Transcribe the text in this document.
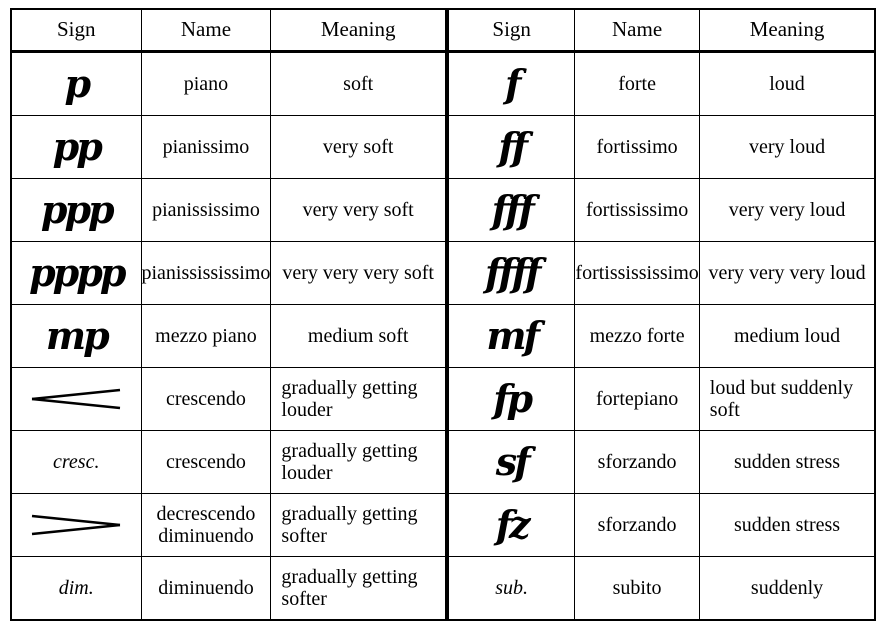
Sign	Name	Meaning	Sign	Name	Meaning
p	piano	soft	f	forte	loud
pp	pianissimo	very soft	ff	fortissimo	very loud
ppp	pianississimo	very very soft	fff	fortississimo	very very loud
pppp	pianissississimo	very very very soft	ffff	fortissississimo	very very very loud
mp	mezzo piano	medium soft	mf	mezzo forte	medium loud

	crescendo	gradually getting louder	fp	fortepiano	loud but suddenly soft
cresc.	crescendo	gradually getting louder	sf	sforzando	sudden stress

	decrescendo diminuendo	gradually getting softer	fz	sforzando	sudden stress
dim.	diminuendo	gradually getting softer	sub.	subito	suddenly
